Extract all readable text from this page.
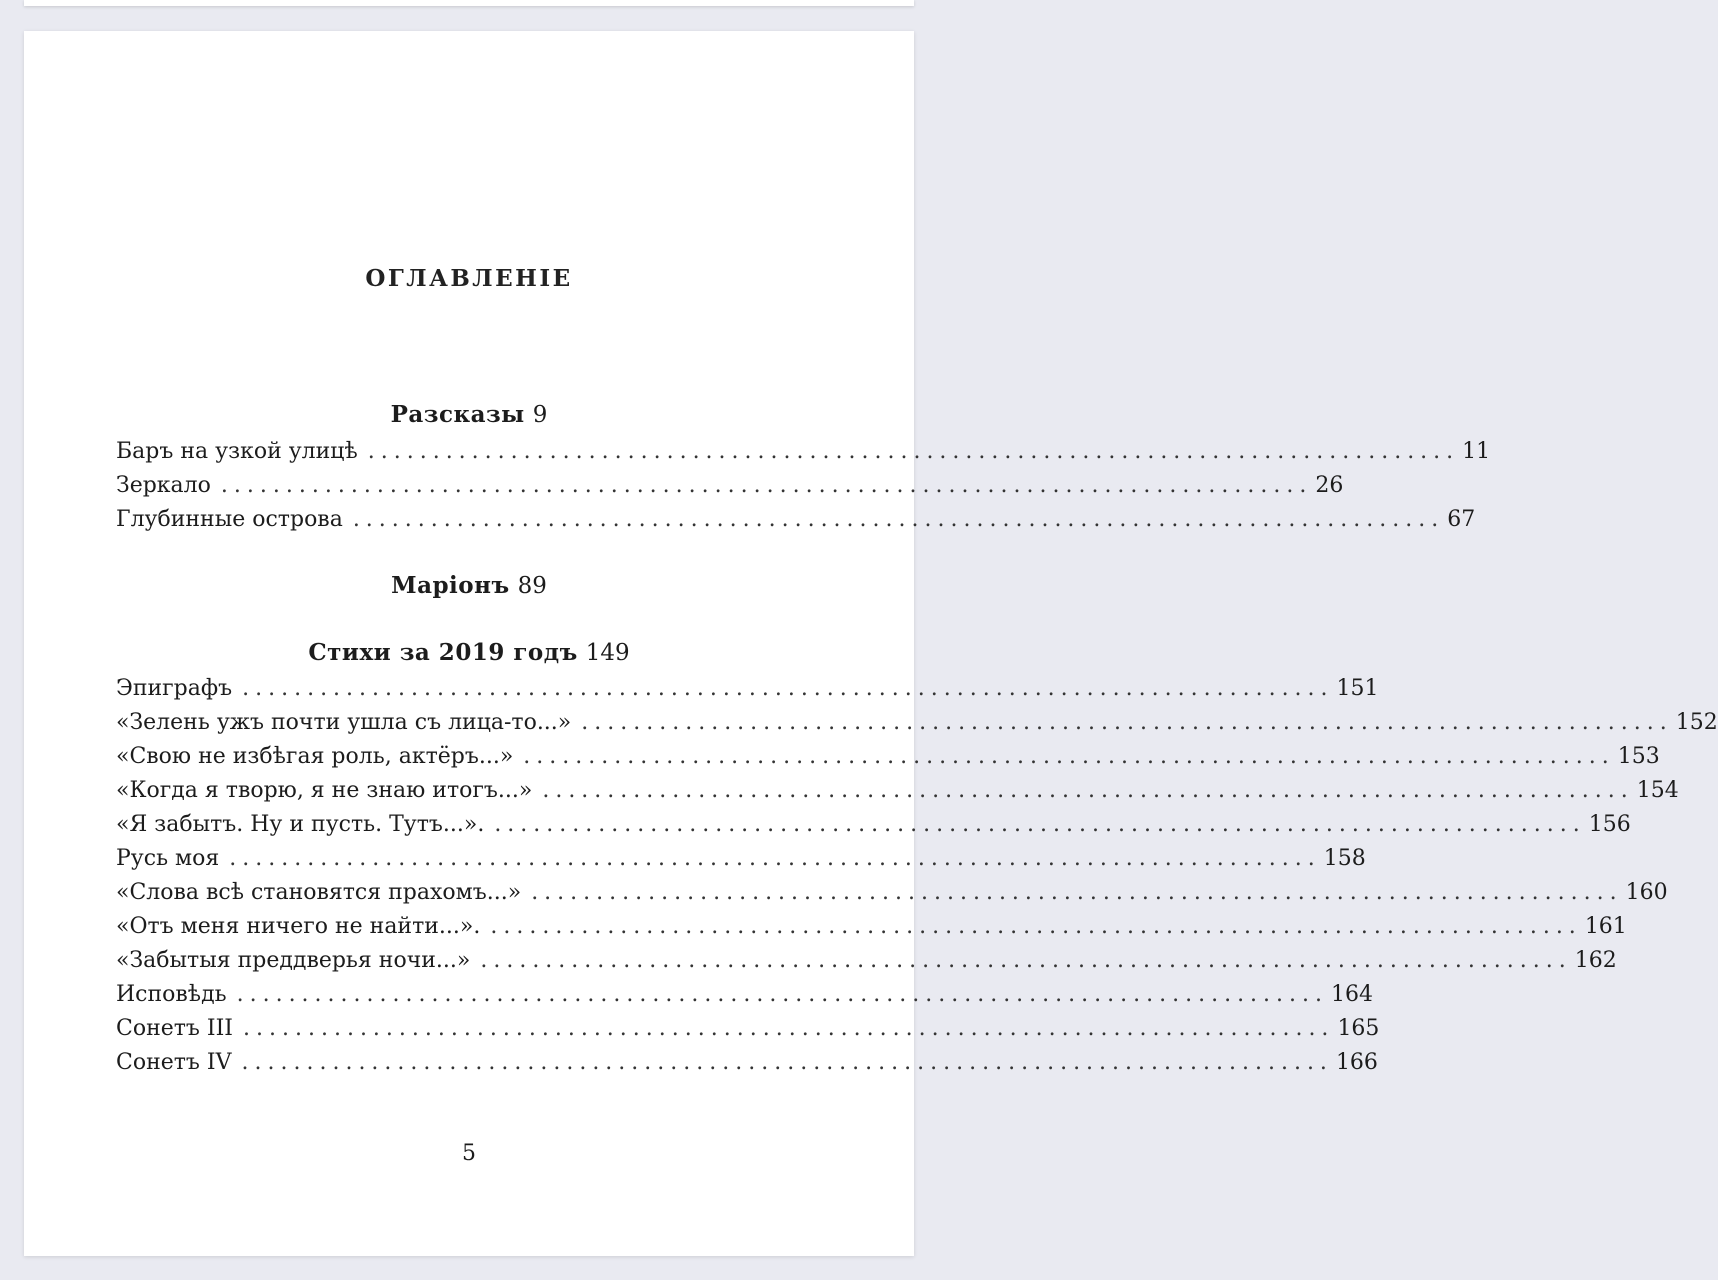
ОГЛАВЛЕНIЕ
Разсказы 9
Баръ на узкой улицѣ .................................................................................... 11
Зеркало .................................................................................... 26
Глубинные острова .................................................................................... 67
Марiонъ 89
Стихи за 2019 годъ 149
Эпиграфъ .................................................................................... 151
«Зелень ужъ почти ушла съ лица-то...» .................................................................................... 152
«Свою не избѣгая роль, актёръ...» .................................................................................... 153
«Когда я творю, я не знаю итогъ...» .................................................................................... 154
«Я забытъ. Ну и пусть. Тутъ...». .................................................................................... 156
Русь моя .................................................................................... 158
«Слова всѣ становятся прахомъ...» .................................................................................... 160
«Отъ меня ничего не найти...». .................................................................................... 161
«Забытыя преддверья ночи...» .................................................................................... 162
Исповѣдь .................................................................................... 164
Сонетъ III .................................................................................... 165
Сонетъ IV .................................................................................... 166
5
